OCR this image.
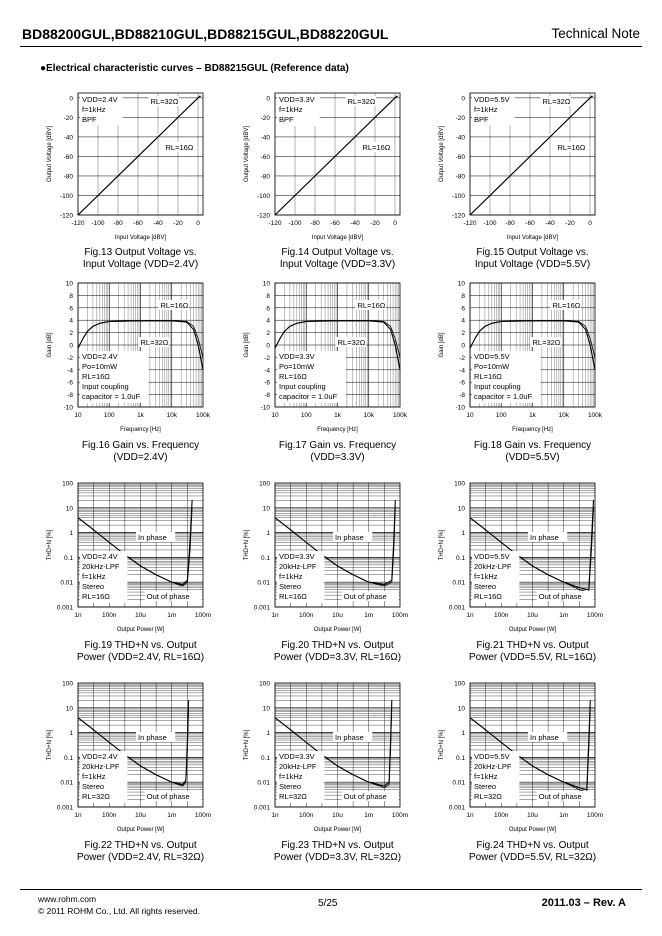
BD88200GUL,BD88210GUL,BD88215GUL,BD88220GUL	Technical Note
●Electrical characteristic curves – BD88215GUL (Reference data)
VDD=2.4V
f=1kHz
BPF
RL=32Ω
RL=16Ω
0
-20
-40
-60
-80
-100
-120
-120 -100 -80 -60 -40 -20 0
Input Voltage [dBV]
Output Voltage [dBV]
Fig.13 Output Voltage vs.
Input Voltage (VDD=2.4V)
VDD=3.3V
f=1kHz
BPF
RL=32Ω
RL=16Ω
0
-20
-40
-60
-80
-100
-120
-120 -100 -80 -60 -40 -20 0
Input Voltage [dBV]
Output Voltage [dBV]
Fig.14 Output Voltage vs.
Input Voltage (VDD=3.3V)
VDD=5.5V
f=1kHz
BPF
RL=32Ω
RL=16Ω
0
-20
-40
-60
-80
-100
-120
-120 -100 -80 -60 -40 -20 0
Input Voltage [dBV]
Output Voltage [dBV]
Fig.15 Output Voltage vs.
Input Voltage (VDD=5.5V)
VDD=2.4V
Po=10mW
RL=16Ω
Input coupling
capacitor = 1.0uF
RL=16Ω
RL=32Ω
10
8
6
4
2
0
-2
-4
-6
-8
-10
10	100	1k	10k	100k
Frequency [Hz]
Gain [dB]
Fig.16 Gain vs. Frequency
(VDD=2.4V)
VDD=3.3V
Po=10mW
RL=16Ω
Input coupling
capacitor = 1.0uF
RL=16Ω
RL=32Ω
10
8
6
4
2
0
-2
-4
-6
-8
-10
10	100	1k	10k	100k
Frequency [Hz]
Gain [dB]
Fig.17 Gain vs. Frequency
(VDD=3.3V)
VDD=5.5V
Po=10mW
RL=16Ω
Input coupling
capacitor = 1.0uF
RL=16Ω
RL=32Ω
10
8
6
4
2
0
-2
-4
-6
-8
-10
10	100	1k	10k	100k
Frequency [Hz]
Gain [dB]
Fig.18 Gain vs. Frequency
(VDD=5.5V)
VDD=2.4V
20kHz-LPF
f=1kHz
Stereo
RL=16Ω
In phase
Out of phase
100
10
1
0.1
0.01
0.001
1n	100n	10u	1m	100m
Output Power [W]
THD+N [%]
Fig.19 THD+N vs. Output
Power (VDD=2.4V, RL=16Ω)
VDD=3.3V
20kHz-LPF
f=1kHz
Stereo
RL=16Ω
In phase
Out of phase
100
10
1
0.1
0.01
0.001
1n	100n	10u	1m	100m
Output Power [W]
THD+N [%]
Fig.20 THD+N vs. Output
Power (VDD=3.3V, RL=16Ω)
VDD=5.5V
20kHz-LPF
f=1kHz
Stereo
RL=16Ω
In phase
Out of phase
100
10
1
0.1
0.01
0.001
1n	100n	10u	1m	100m
Output Power [W]
THD+N [%]
Fig.21 THD+N vs. Output
Power (VDD=5.5V, RL=16Ω)
VDD=2.4V
20kHz-LPF
f=1kHz
Stereo
RL=32Ω
In phase
Out of phase
100
10
1
0.1
0.01
0.001
1n	100n	10u	1m	100m
Output Power [W]
THD+N [%]
Fig.22 THD+N vs. Output
Power (VDD=2.4V, RL=32Ω)
VDD=3.3V
20kHz-LPF
f=1kHz
Stereo
RL=32Ω
In phase
Out of phase
100
10
1
0.1
0.01
0.001
1n	100n	10u	1m	100m
Output Power [W]
THD+N [%]
Fig.23 THD+N vs. Output
Power (VDD=3.3V, RL=32Ω)
VDD=5.5V
20kHz-LPF
f=1kHz
Stereo
RL=32Ω
In phase
Out of phase
100
10
1
0.1
0.01
0.001
1n	100n	10u	1m	100m
Output Power [W]
THD+N [%]
Fig.24 THD+N vs. Output
Power (VDD=5.5V, RL=32Ω)
www.rohm.com
© 2011 ROHM Co., Ltd. All rights reserved.
5/25	2011.03 – Rev. A
